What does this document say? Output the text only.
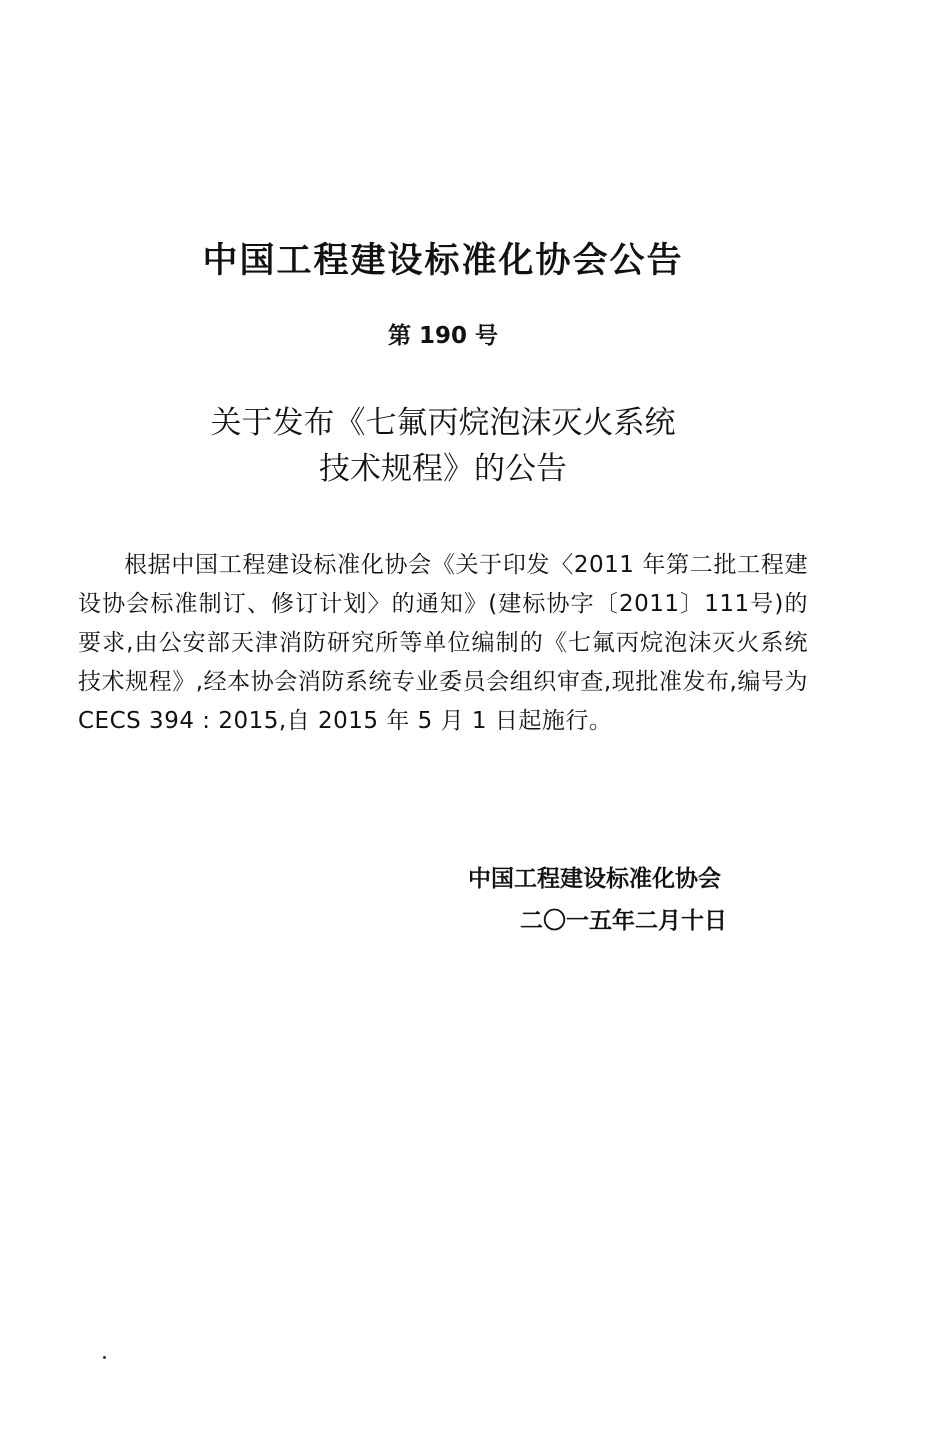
中国工程建设标准化协会公告
第 190 号
关于发布《七氟丙烷泡沫灭火系统
技术规程》的公告

根据中国工程建设标准化协会《关于印发〈2011 年第二批工程建设协会标准制订、修订计划〉的通知》(建标协字〔2011〕111号)的要求,由公安部天津消防研究所等单位编制的《七氟丙烷泡沫灭火系统技术规程》,经本协会消防系统专业委员会组织审查,现批准发布,编号为 CECS 394 : 2015,自 2015 年 5 月 1 日起施行。

中国工程建设标准化协会
二〇一五年二月十日
